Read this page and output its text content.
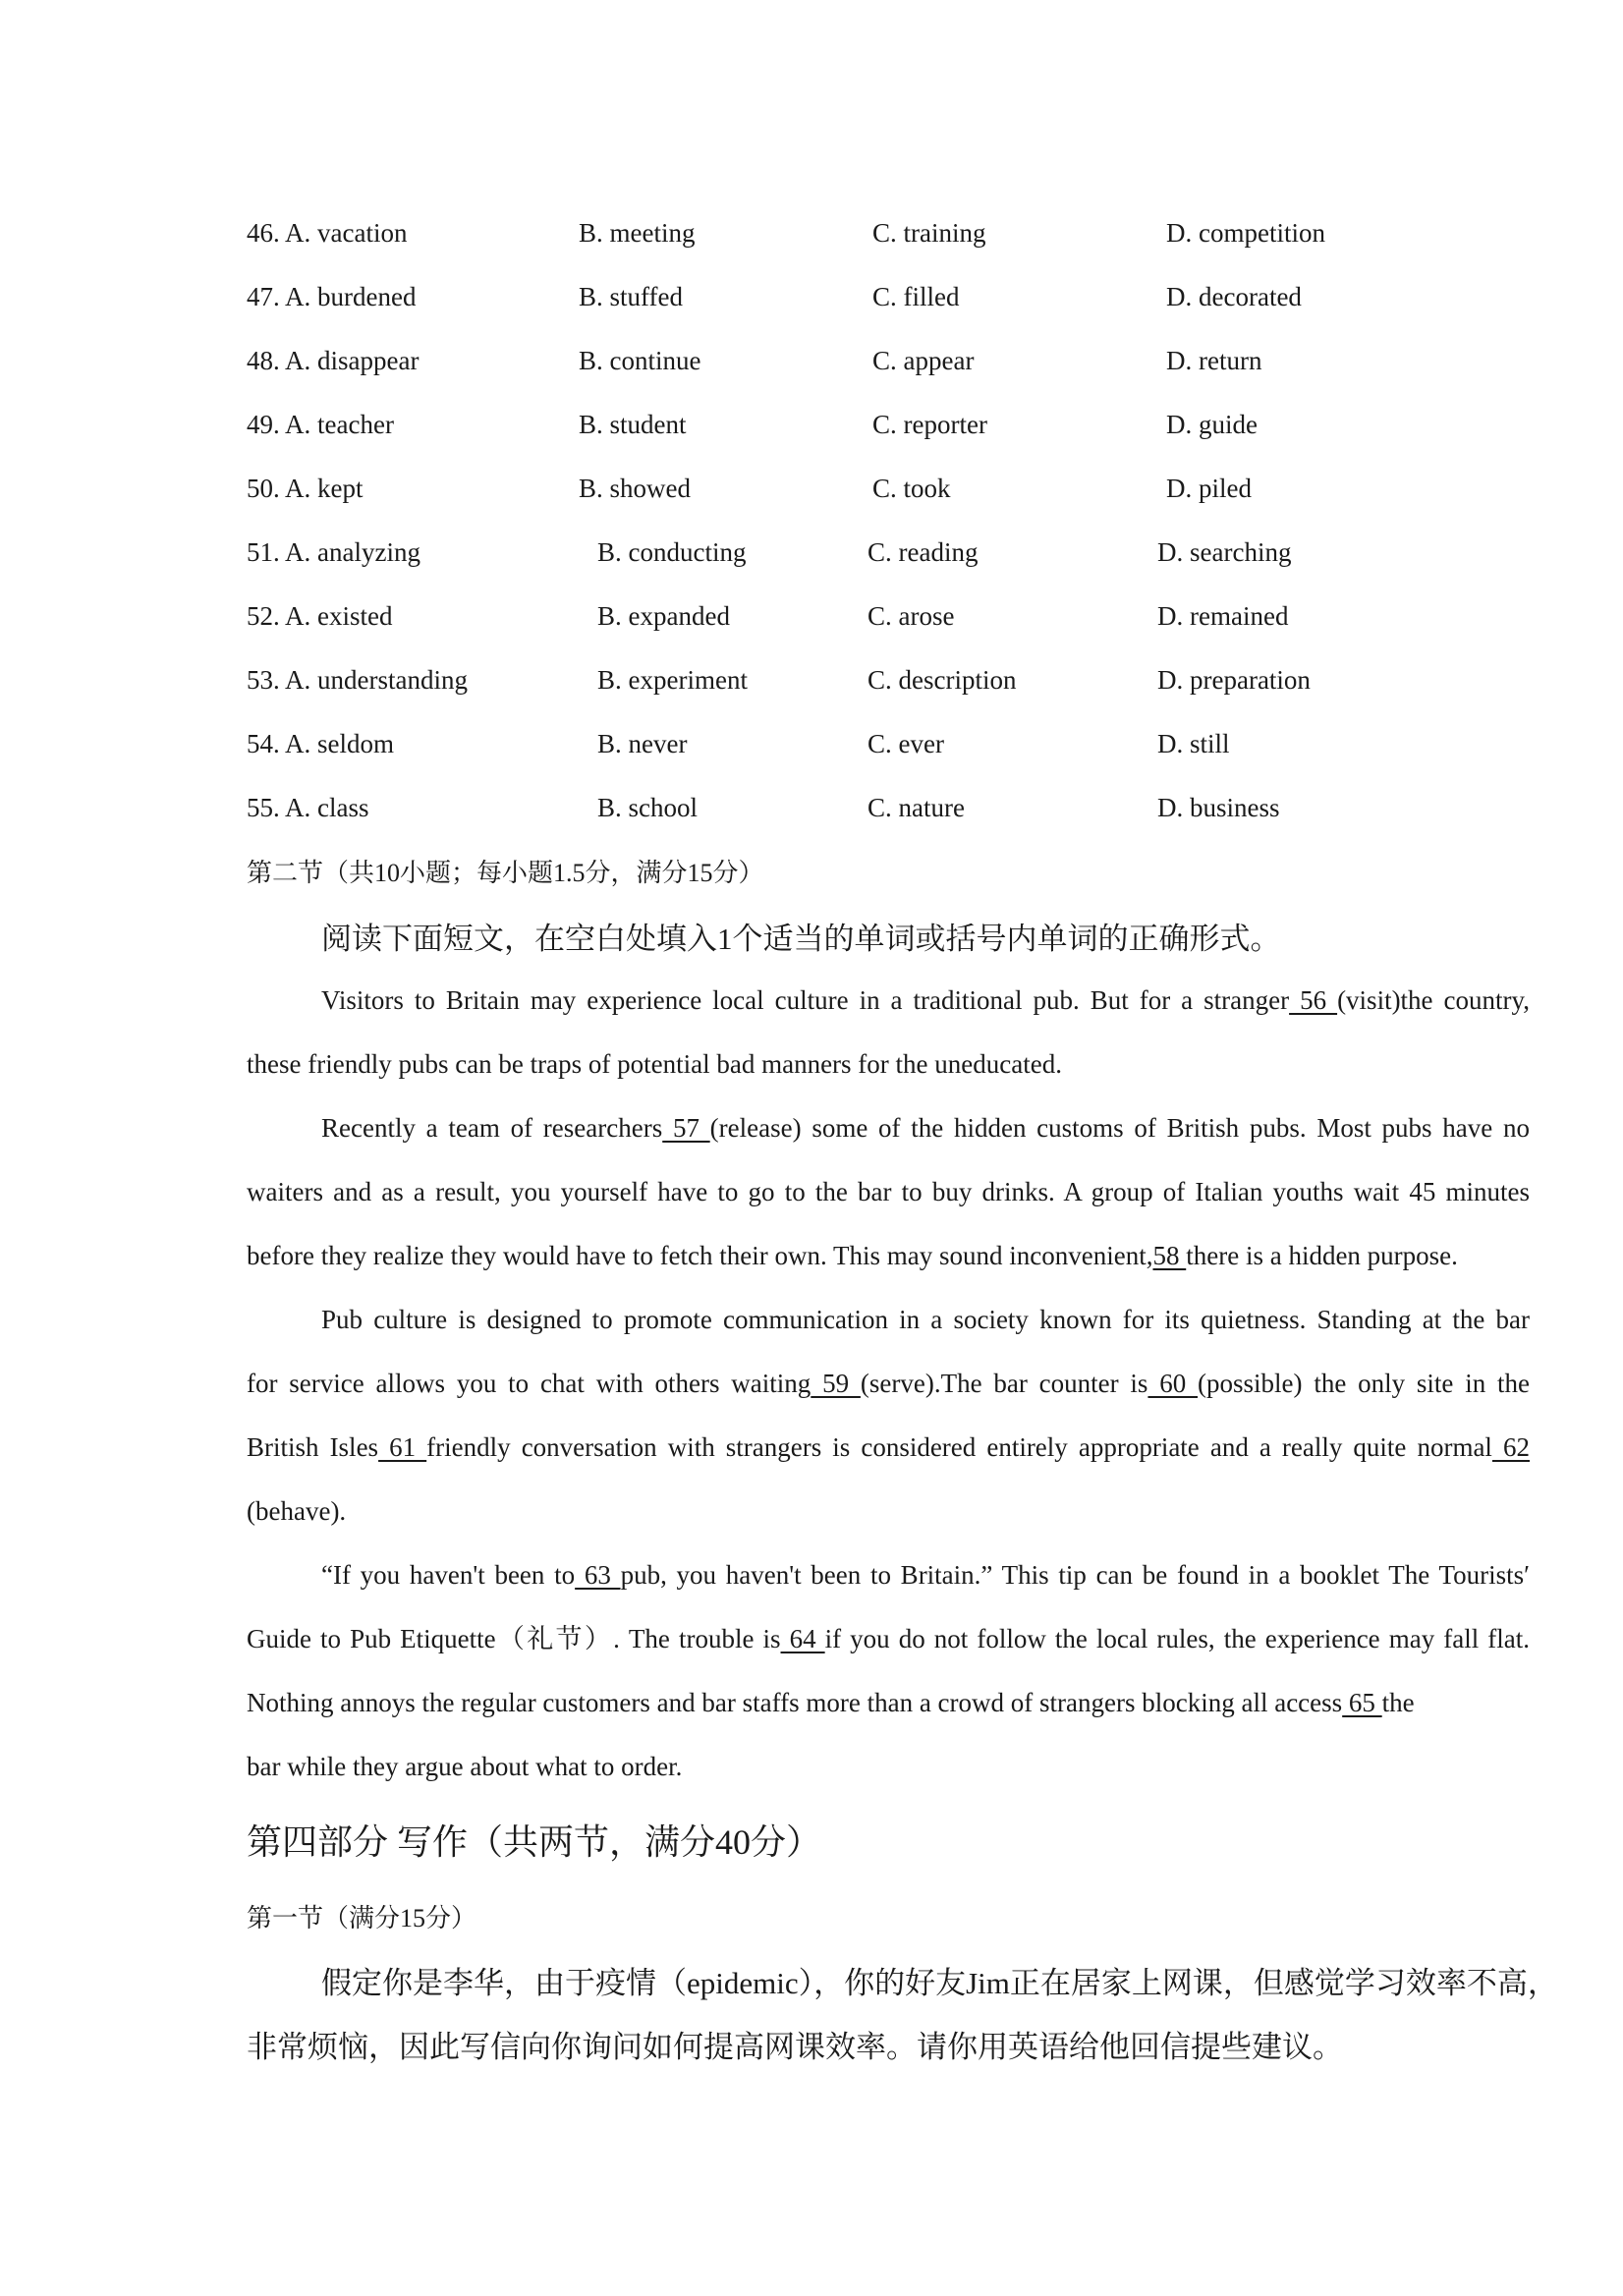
46. A. vacation	B. meeting	C. training	D. competition
47. A. burdened	B. stuffed	C. filled	D. decorated
48. A. disappear	B. continue	C. appear	D. return
49. A. teacher	B. student	C. reporter	D. guide
50. A. kept	B. showed	C. took	D. piled
51. A. analyzing	B. conducting	C. reading	D. searching
52. A. existed	B. expanded	C. arose	D. remained
53. A. understanding	B. experiment	C. description	D. preparation
54. A. seldom	B. never	C. ever	D. still
55. A. class	B. school	C. nature	D. business
第二节（共10小题；每小题1.5分，满分15分）
阅读下面短文，在空白处填入1个适当的单词或括号内单词的正确形式。
Visitors to Britain may experience local culture in a traditional pub. But for a stranger 56 (visit)the country,
these friendly pubs can be traps of potential bad manners for the uneducated.
Recently a team of researchers 57 (release) some of the hidden customs of British pubs. Most pubs have no
waiters and as a result, you yourself have to go to the bar to buy drinks. A group of Italian youths wait 45 minutes
before they realize they would have to fetch their own. This may sound inconvenient,58 there is a hidden purpose.
Pub culture is designed to promote communication in a society known for its quietness. Standing at the bar
for service allows you to chat with others waiting 59 (serve).The bar counter is 60 (possible) the only site in the
British Isles 61 friendly conversation with strangers is considered entirely appropriate and a really quite normal 62
(behave).
“If you haven't been to 63 pub, you haven't been to Britain.” This tip can be found in a booklet The Tourists′
Guide to Pub Etiquette（礼节）. The trouble is 64 if you do not follow the local rules, the experience may fall flat.
Nothing annoys the regular customers and bar staffs more than a crowd of strangers blocking all access 65 the
bar while they argue about what to order.
第四部分 写作（共两节，满分40分）
第一节（满分15分）
假定你是李华，由于疫情（epidemic），你的好友Jim正在居家上网课，但感觉学习效率不高，
非常烦恼，因此写信向你询问如何提高网课效率。请你用英语给他回信提些建议。
